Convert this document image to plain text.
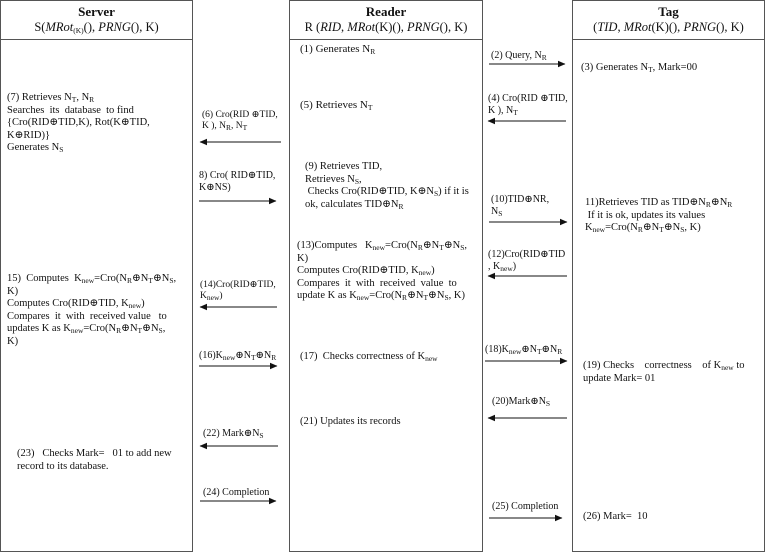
Server
S(MRot$_{(K)}$(), PRNG(), K)
Reader
R (RID, MRot(K)(), PRNG(), K)
Tag
(TID, MRot(K)(), PRNG(), K)
(1) Generates $N_R$
(5) Retrieves $N_T$
(9) Retrieves TID,
Retrieves $N_S$,
Checks Cro(RID⊕TID, $K\oplus N_S$) if it is
ok, calculates $TID\oplus N_R$
(13)Computes   $K_{new}=Cro(N_R\oplus N_T\oplus N_S$,
K)
Computes Cro(RID⊕TID, $K_{new}$)
Compares  it  with  received  value  to
update K as $K_{new}=Cro(N_R\oplus N_T\oplus N_S$, K)
(17)  Checks correctness of $K_{new}$
(21) Updates its records
(7) Retrieves $N_T$, $N_R$
Searches  its  database  to find
{Cro(RID⊕TID,K), Rot(K⊕TID,
K⊕RID)}
Generates $N_S$
15)  Computes  $K_{new}=Cro(N_R\oplus N_T\oplus N_S$,
K)
Computes Cro(RID⊕TID, $K_{new}$)
Compares  it  with  received value   to
updates K as $K_{new}=Cro(N_R\oplus N_T\oplus N_S$,
K)
(23)   Checks Mark=   01 to add new
record to its database.
(3) Generates $N_T$, Mark=00
11)Retrieves TID as $TID\oplus N_R\oplus N_R$
If it is ok, updates its values
$K_{new}=Cro(N_R\oplus N_T\oplus N_S$, K)
(19) Checks    correctness    of $K_{new}$ to
update Mark= 01
(26) Mark=  10
(2) Query, $N_R$
(4) Cro(RID ⊕TID,
K ), $N_T$
(10)TID⊕NR,
$N_S$
(12)Cro(RID⊕TID
, $K_{new}$)
$(18)K_{new}\oplus N_T\oplus N_R$
$(20)Mark\oplus N_S$
(25) Completion
(6) Cro(RID ⊕TID,
K ), $N_R$, $N_T$
8) Cro( RID⊕TID,
K⊕NS)
(14)Cro(RID⊕TID,
$K_{new}$)
$(16)K_{new}\oplus N_T\oplus N_R$
(22) $Mark\oplus N_S$
(24) Completion
